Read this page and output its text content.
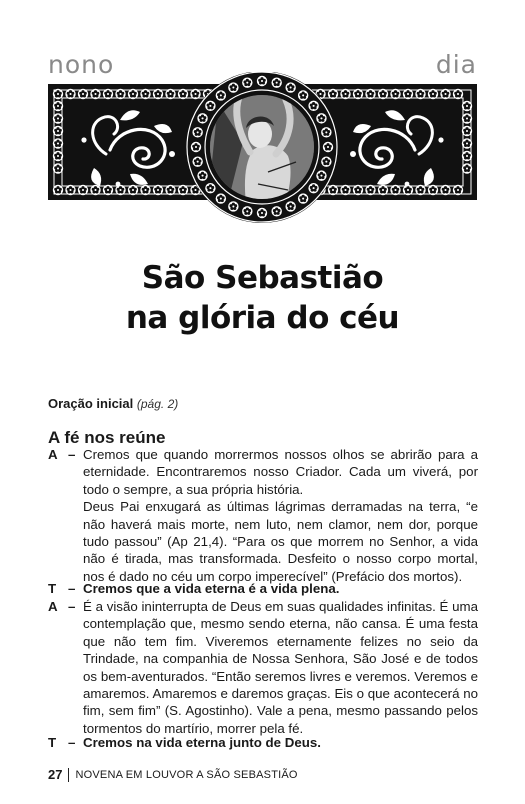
nono	dia
São Sebastião
na glória do céu
Oração inicial (pág. 2)
A fé nos reúne
A – Cremos que quando morrermos nossos olhos se abrirão para a eternidade. Encontraremos nosso Criador. Cada um viverá, por todo o sempre, a sua própria história.

Deus Pai enxugará as últimas lágrimas derramadas na terra, “e não haverá mais morte, nem luto, nem clamor, nem dor, porque tudo passou” (Ap 21,4). “Para os que morrem no Senhor, a vida não é tirada, mas transformada. Desfeito o nosso corpo mortal, nos é dado no céu um corpo imperecível” (Prefácio dos mortos).

T – Cremos que a vida eterna é a vida plena.

A – É a visão ininterrupta de Deus em suas qualidades infinitas. É uma contemplação que, mesmo sendo eterna, não cansa. É uma festa que não tem fim. Viveremos eternamente felizes no seio da Trindade, na companhia de Nossa Senhora, São José e de todos os bem-aventurados. “Então seremos livres e veremos. Veremos e amaremos. Amaremos e daremos graças. Eis o que acontecerá no fim, sem fim” (S. Agostinho). Vale a pena, mesmo passando pelos tormentos do martírio, morrer pela fé.

T – Cremos na vida eterna junto de Deus.

27 NOVENA EM LOUVOR A SÃO SEBASTIÃO
